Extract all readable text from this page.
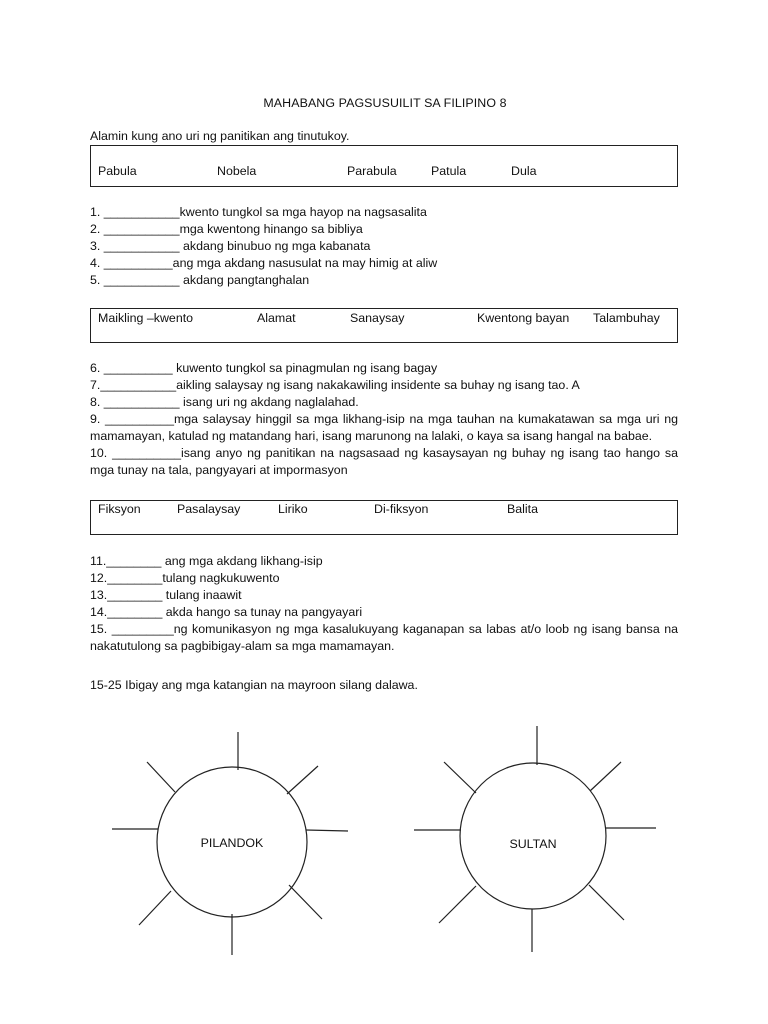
MAHABANG PAGSUSUILIT SA FILIPINO 8
Alamin kung ano uri ng panitikan ang tinutukoy.
Pabula	Nobela	Parabula	Patula	Dula
1. ___________kwento tungkol sa mga hayop na nagsasalita
2. ___________mga kwentong hinango sa bibliya
3. ___________ akdang binubuo ng mga kabanata
4. __________ang mga akdang nasusulat na may himig at aliw
5. ___________ akdang pangtanghalan
Maikling –kwento	Alamat	Sanaysay	Kwentong bayan Talambuhay
6. __________ kuwento tungkol sa pinagmulan ng isang bagay
7.___________aikling salaysay ng isang nakakawiling insidente sa buhay ng isang tao. A
8. ___________ isang uri ng akdang naglalahad.
9. __________mga salaysay hinggil sa mga likhang-isip na mga tauhan na kumakatawan sa mga uri ng mamamayan, katulad ng matandang hari, isang marunong na lalaki, o kaya sa isang hangal na babae.
10. __________isang anyo ng panitikan na nagsasaad ng kasaysayan ng buhay ng isang tao hango sa mga tunay na tala, pangyayari at impormasyon
Fiksyon	Pasalaysay	Liriko	Di-fiksyon	Balita
11.________ ang mga akdang likhang-isip
12.________tulang nagkukuwento
13.________ tulang inaawit
14.________ akda hango sa tunay na pangyayari
15. _________ng komunikasyon ng mga kasalukuyang kaganapan sa labas at/o loob ng isang bansa na nakatutulong sa pagbibigay-alam sa mga mamamayan.
15-25 Ibigay ang mga katangian na mayroon silang dalawa.
PILANDOK	SULTAN
